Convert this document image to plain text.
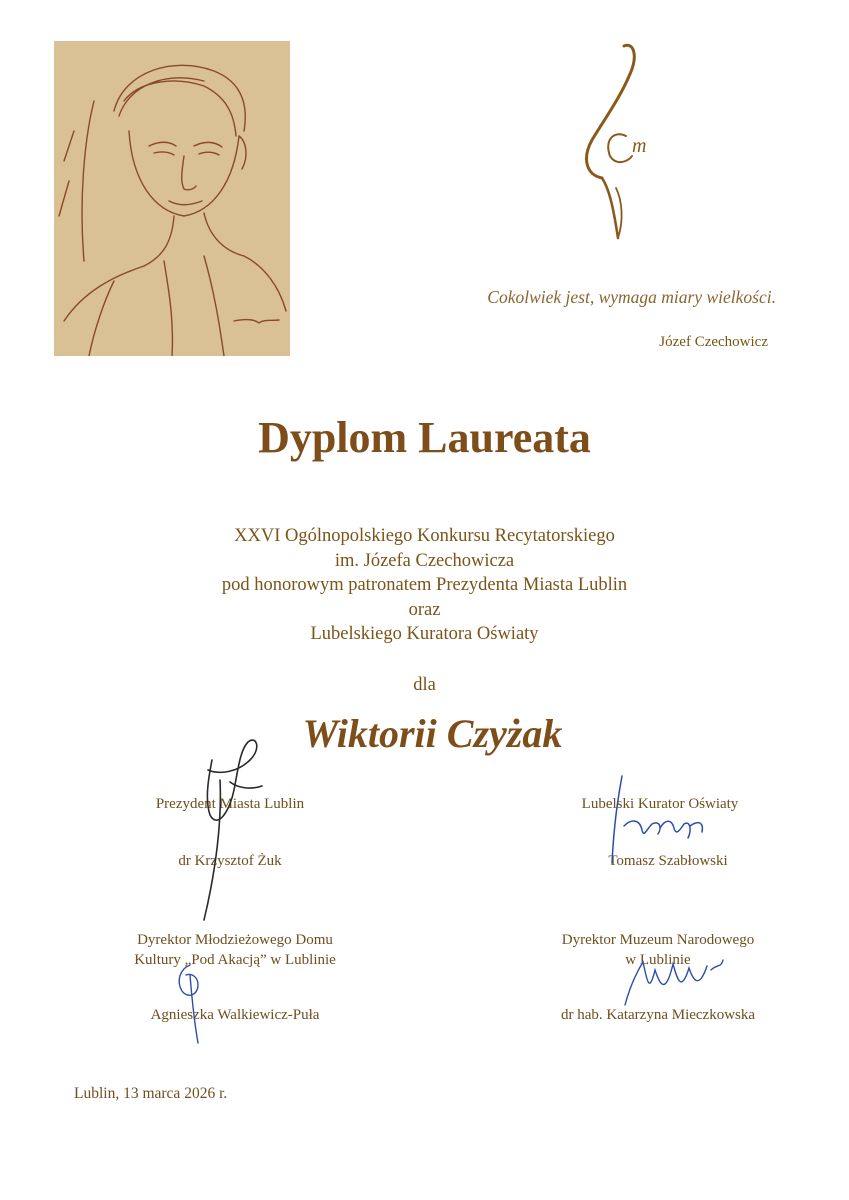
m
Cokolwiek jest, wymaga miary wielkości.
Józef Czechowicz
Dyplom Laureata
XXVI Ogólnopolskiego Konkursu Recytatorskiego
im. Józefa Czechowicza
pod honorowym patronatem Prezydenta Miasta Lublin
oraz
Lubelskiego Kuratora Oświaty
dla
Wiktorii Czyżak
Prezydent Miasta Lublin
dr Krzysztof Żuk
Lubelski Kurator Oświaty
Tomasz Szabłowski
Dyrektor Młodzieżowego Domu
Kultury „Pod Akacją” w Lublinie
Agnieszka Walkiewicz-Puła
Dyrektor Muzeum Narodowego
w Lublinie
dr hab. Katarzyna Mieczkowska
Lublin, 13 marca 2026 r.
